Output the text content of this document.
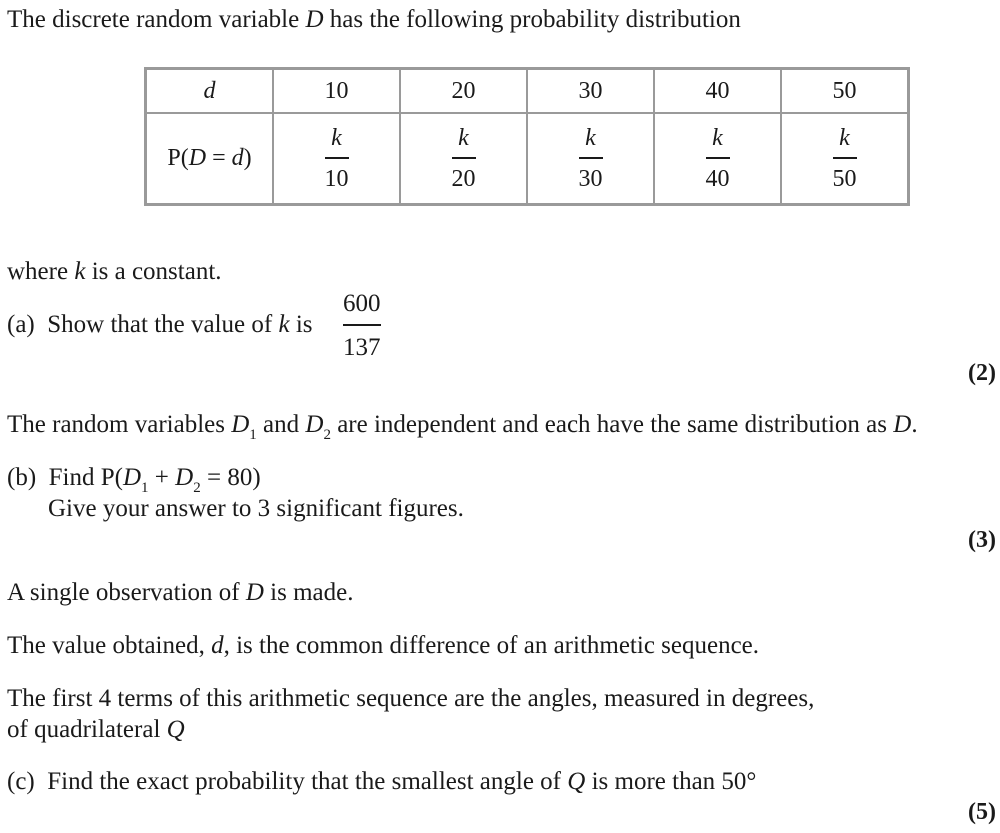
The discrete random variable D has the following probability distribution
d	10	20	30	40	50
P(D = d)	$\frac{k}{10}$	$\frac{k}{20}$	$\frac{k}{30}$	$\frac{k}{40}$	$\frac{k}{50}$
where k is a constant.
(a)  Show that the value of k is $\frac{600}{137}$
(2)
The random variables $D_1$ and $D_2$ are independent and each have the same distribution as D.
(b)  Find $P(D_1 + D_2 = 80)$
Give your answer to 3 significant figures.
(3)
A single observation of D is made.
The value obtained, d, is the common difference of an arithmetic sequence.
The first 4 terms of this arithmetic sequence are the angles, measured in degrees,
of quadrilateral Q
(c)  Find the exact probability that the smallest angle of Q is more than 50°
(5)
